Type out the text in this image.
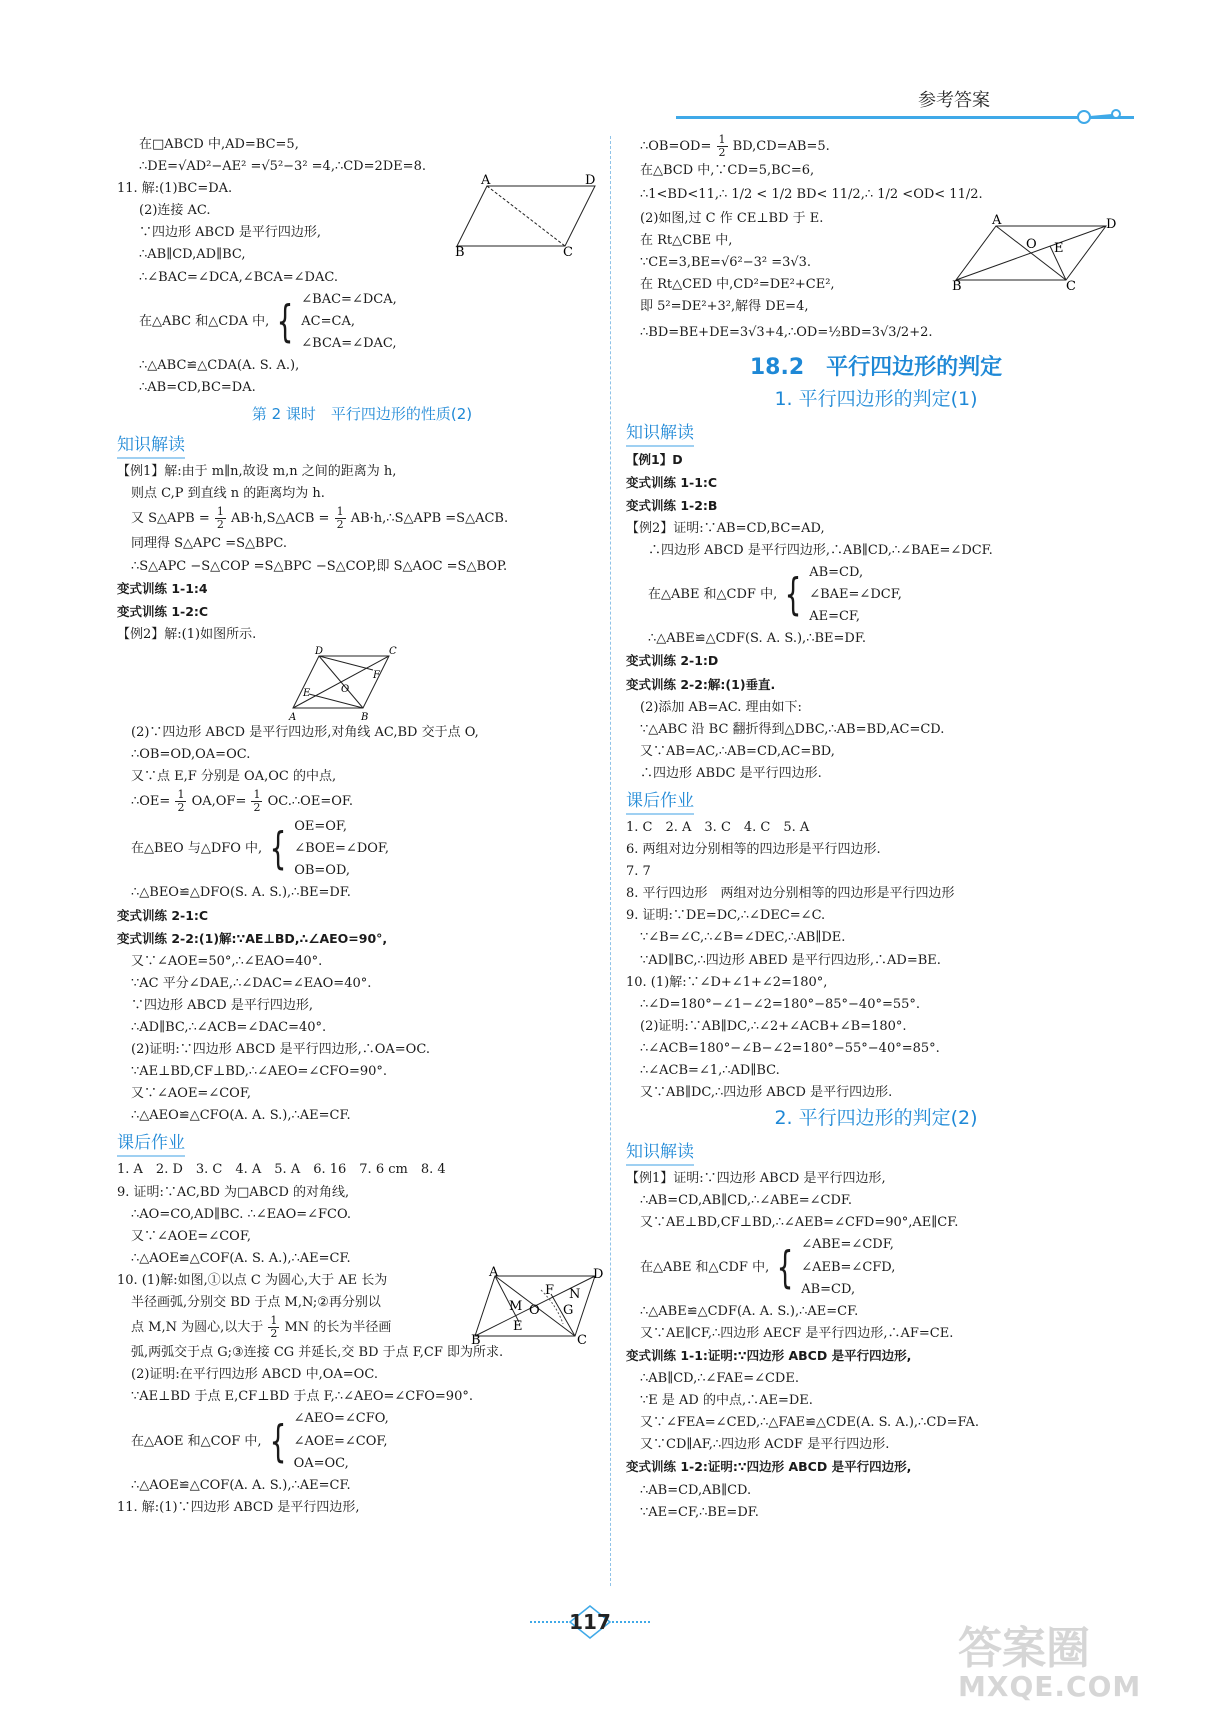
参考答案
在□ABCD 中,AD=BC=5,
∴DE=√AD²−AE² =√5²−3² =4,∴CD=2DE=8.
11. 解:(1)BC=DA.
(2)连接 AC.
∵四边形 ABCD 是平行四边形,
∴AB∥CD,AD∥BC,
∴∠BAC=∠DCA,∠BCA=∠DAC.
A	D
B	C
在△ABC 和△CDA 中, { ∠BAC=∠DCA,
AC=CA,
∠BCA=∠DAC,
∴△ABC≌△CDA(A. S. A.),
∴AB=CD,BC=DA.
第 2 课时　平行四边形的性质(2)
知识解读
【例1】解:由于 m∥n,故设 m,n 之间的距离为 h,
则点 C,P 到直线 n 的距离均为 h.
又 S△APB = $\frac{1}{2}$ AB·h,S△ACB = $\frac{1}{2}$ AB·h,∴S△APB =S△ACB.
同理得 S△APC =S△BPC.
∴S△APC −S△COP =S△BPC −S△COP,即 S△AOC =S△BOP.
变式训练 1-1:4
变式训练 1-2:C
【例2】解:(1)如图所示.
D	C
E
F
O
A	B
(2)∵四边形 ABCD 是平行四边形,对角线 AC,BD 交于点 O,
∴OB=OD,OA=OC.
又∵点 E,F 分别是 OA,OC 的中点,
∴OE= $\frac{1}{2} OA,OF= \frac{1}{2}$ OC.∴OE=OF.
在△BEO 与△DFO 中, { OE=OF,
∠BOE=∠DOF,
OB=OD,
∴△BEO≌△DFO(S. A. S.),∴BE=DF.
变式训练 2-1:C
变式训练 2-2:(1)解:∵AE⊥BD,∴∠AEO=90°,
又∵∠AOE=50°,∴∠EAO=40°.
∵AC 平分∠DAE,∴∠DAC=∠EAO=40°.
∵四边形 ABCD 是平行四边形,
∴AD∥BC,∴∠ACB=∠DAC=40°.
(2)证明:∵四边形 ABCD 是平行四边形,∴OA=OC.
∵AE⊥BD,CF⊥BD,∴∠AEO=∠CFO=90°.
又∵∠AOE=∠COF,
∴△AEO≌△CFO(A. A. S.),∴AE=CF.
课后作业
1. A　2. D　3. C　4. A　5. A　6. 16　7. 6 cm　8. 4
9. 证明:∵AC,BD 为□ABCD 的对角线,
∴AO=CO,AD∥BC. ∴∠EAO=∠FCO.
又∵∠AOE=∠COF,
∴△AOE≌△COF(A. S. A.),∴AE=CF.
10. (1)解:如图,①以点 C 为圆心,大于 AE 长为
半径画弧,分别交 BD 于点 M,N;②再分别以
点 M,N 为圆心,以大于 $\frac{1}{2}$ MN 的长为半径画
A	D
M
F N
O G
E
B	C
弧,两弧交于点 G;③连接 CG 并延长,交 BD 于点 F,CF 即为所求.
(2)证明:在平行四边形 ABCD 中,OA=OC.
∵AE⊥BD 于点 E,CF⊥BD 于点 F,∴∠AEO=∠CFO=90°.
在△AOE 和△COF 中, { ∠AEO=∠CFO,
∠AOE=∠COF,
OA=OC,
∴△AOE≌△COF(A. A. S.),∴AE=CF.
11. 解:(1)∵四边形 ABCD 是平行四边形,
∴OB=OD= $\frac{1}{2} BD,CD=AB=5$.
在△BCD 中,∵CD=5,BC=6,
∴1<BD<11,∴ 1/2 < 1/2 BD< 11/2,∴ 1/2 <OD< 11/2.
(2)如图,过 C 作 CE⊥BD 于 E.
在 Rt△CBE 中,
∵CE=3,BE=√6²−3² =3√3.
在 Rt△CED 中,CD²=DE²+CE²,
即 5²=DE²+3²,解得 DE=4,
A	D
O E
B	C
∴BD=BE+DE=3√3+4,∴OD=½BD=3√3/2+2.
18.2　平行四边形的判定
1. 平行四边形的判定(1)
知识解读
【例1】D
变式训练 1-1:C
变式训练 1-2:B
【例2】证明:∵AB=CD,BC=AD,
∴四边形 ABCD 是平行四边形,∴AB∥CD,∴∠BAE=∠DCF.
在△ABE 和△CDF 中, { AB=CD,
∠BAE=∠DCF,
AE=CF,
∴△ABE≌△CDF(S. A. S.),∴BE=DF.
变式训练 2-1:D
变式训练 2-2:解:(1)垂直.
(2)添加 AB=AC. 理由如下:
∵△ABC 沿 BC 翻折得到△DBC,∴AB=BD,AC=CD.
又∵AB=AC,∴AB=CD,AC=BD,
∴四边形 ABDC 是平行四边形.
课后作业
1. C　2. A　3. C　4. C　5. A
6. 两组对边分别相等的四边形是平行四边形.
7. 7
8. 平行四边形　两组对边分别相等的四边形是平行四边形
9. 证明:∵DE=DC,∴∠DEC=∠C.
∵∠B=∠C,∴∠B=∠DEC,∴AB∥DE.
∵AD∥BC,∴四边形 ABED 是平行四边形,∴AD=BE.
10. (1)解:∵∠D+∠1+∠2=180°,
∴∠D=180°−∠1−∠2=180°−85°−40°=55°.
(2)证明:∵AB∥DC,∴∠2+∠ACB+∠B=180°.
∴∠ACB=180°−∠B−∠2=180°−55°−40°=85°.
∴∠ACB=∠1,∴AD∥BC.
又∵AB∥DC,∴四边形 ABCD 是平行四边形.
2. 平行四边形的判定(2)
知识解读
【例1】证明:∵四边形 ABCD 是平行四边形,
∴AB=CD,AB∥CD,∴∠ABE=∠CDF.
又∵AE⊥BD,CF⊥BD,∴∠AEB=∠CFD=90°,AE∥CF.
在△ABE 和△CDF 中, { ∠ABE=∠CDF,
∠AEB=∠CFD,
AB=CD,
∴△ABE≌△CDF(A. A. S.),∴AE=CF.
又∵AE∥CF,∴四边形 AECF 是平行四边形,∴AF=CE.
变式训练 1-1:证明:∵四边形 ABCD 是平行四边形,
∴AB∥CD,∴∠FAE=∠CDE.
∵E 是 AD 的中点,∴AE=DE.
又∵∠FEA=∠CED,∴△FAE≌△CDE(A. S. A.),∴CD=FA.
又∵CD∥AF,∴四边形 ACDF 是平行四边形.
变式训练 1-2:证明:∵四边形 ABCD 是平行四边形,
∴AB=CD,AB∥CD.
∵AE=CF,∴BE=DF.
117
答案圈
MXQE.COM
